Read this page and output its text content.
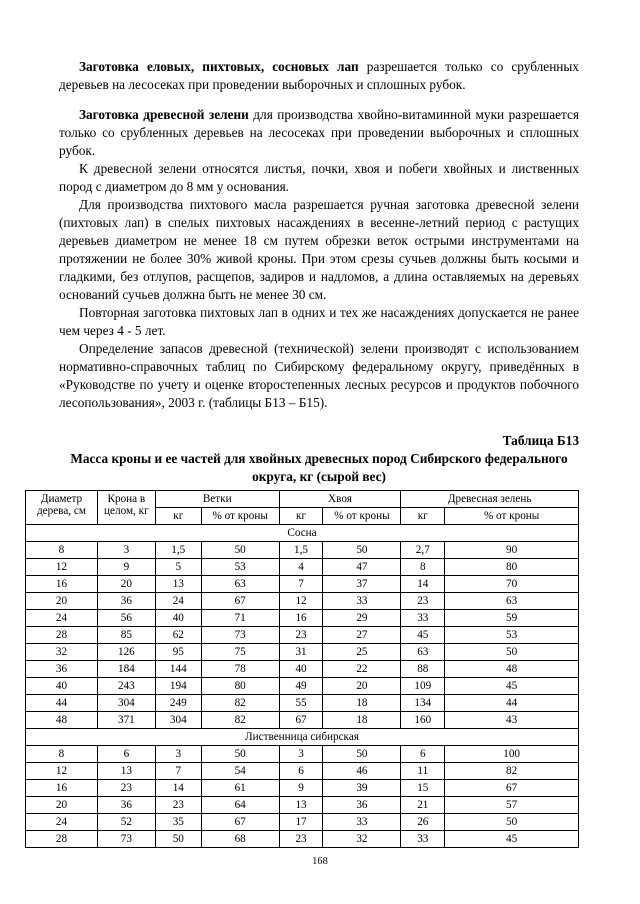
Заготовка еловых, пихтовых, сосновых лап разрешается только со срубленных деревьев на лесосеках при проведении выборочных и сплошных рубок.

Заготовка древесной зелени для производства хвойно-витаминной муки разрешается только со срубленных деревьев на лесосеках при проведении выборочных и сплошных рубок.

К древесной зелени относятся листья, почки, хвоя и побеги хвойных и лиственных пород с диаметром до 8 мм у основания.

Для производства пихтового масла разрешается ручная заготовка древесной зелени (пихтовых лап) в спелых пихтовых насаждениях в весенне-летний период с растущих деревьев диаметром не менее 18 см путем обрезки веток острыми инструментами на протяжении не более 30% живой кроны. При этом срезы сучьев должны быть косыми и гладкими, без отлупов, расщепов, задиров и надломов, а длина оставляемых на деревьях оснований сучьев должна быть не менее 30 см.

Повторная заготовка пихтовых лап в одних и тех же насаждениях допускается не ранее чем через 4 - 5 лет.

Определение запасов древесной (технической) зелени производят с использованием нормативно-справочных таблиц по Сибирскому федеральному округу, приведённых в «Руководстве по учету и оценке второстепенных лесных ресурсов и продуктов побочного лесопользования», 2003 г. (таблицы Б13 – Б15).

Таблица Б13
Масса кроны и ее частей для хвойных древесных пород Сибирского федерального округа, кг (сырой вес)
Диаметр дерева, см	Крона в целом, кг	Ветки		Хвоя		Древесная зелень	
		кг	% от кроны	кг	% от кроны	кг	% от кроны
Сосна							
8	3	1,5	50	1,5	50	2,7	90
12	9	5	53	4	47	8	80
16	20	13	63	7	37	14	70
20	36	24	67	12	33	23	63
24	56	40	71	16	29	33	59
28	85	62	73	23	27	45	53
32	126	95	75	31	25	63	50
36	184	144	78	40	22	88	48
40	243	194	80	49	20	109	45
44	304	249	82	55	18	134	44
48	371	304	82	67	18	160	43
Лиственница сибирская							
8	6	3	50	3	50	6	100
12	13	7	54	6	46	11	82
16	23	14	61	9	39	15	67
20	36	23	64	13	36	21	57
24	52	35	67	17	33	26	50
28	73	50	68	23	32	33	45
168
